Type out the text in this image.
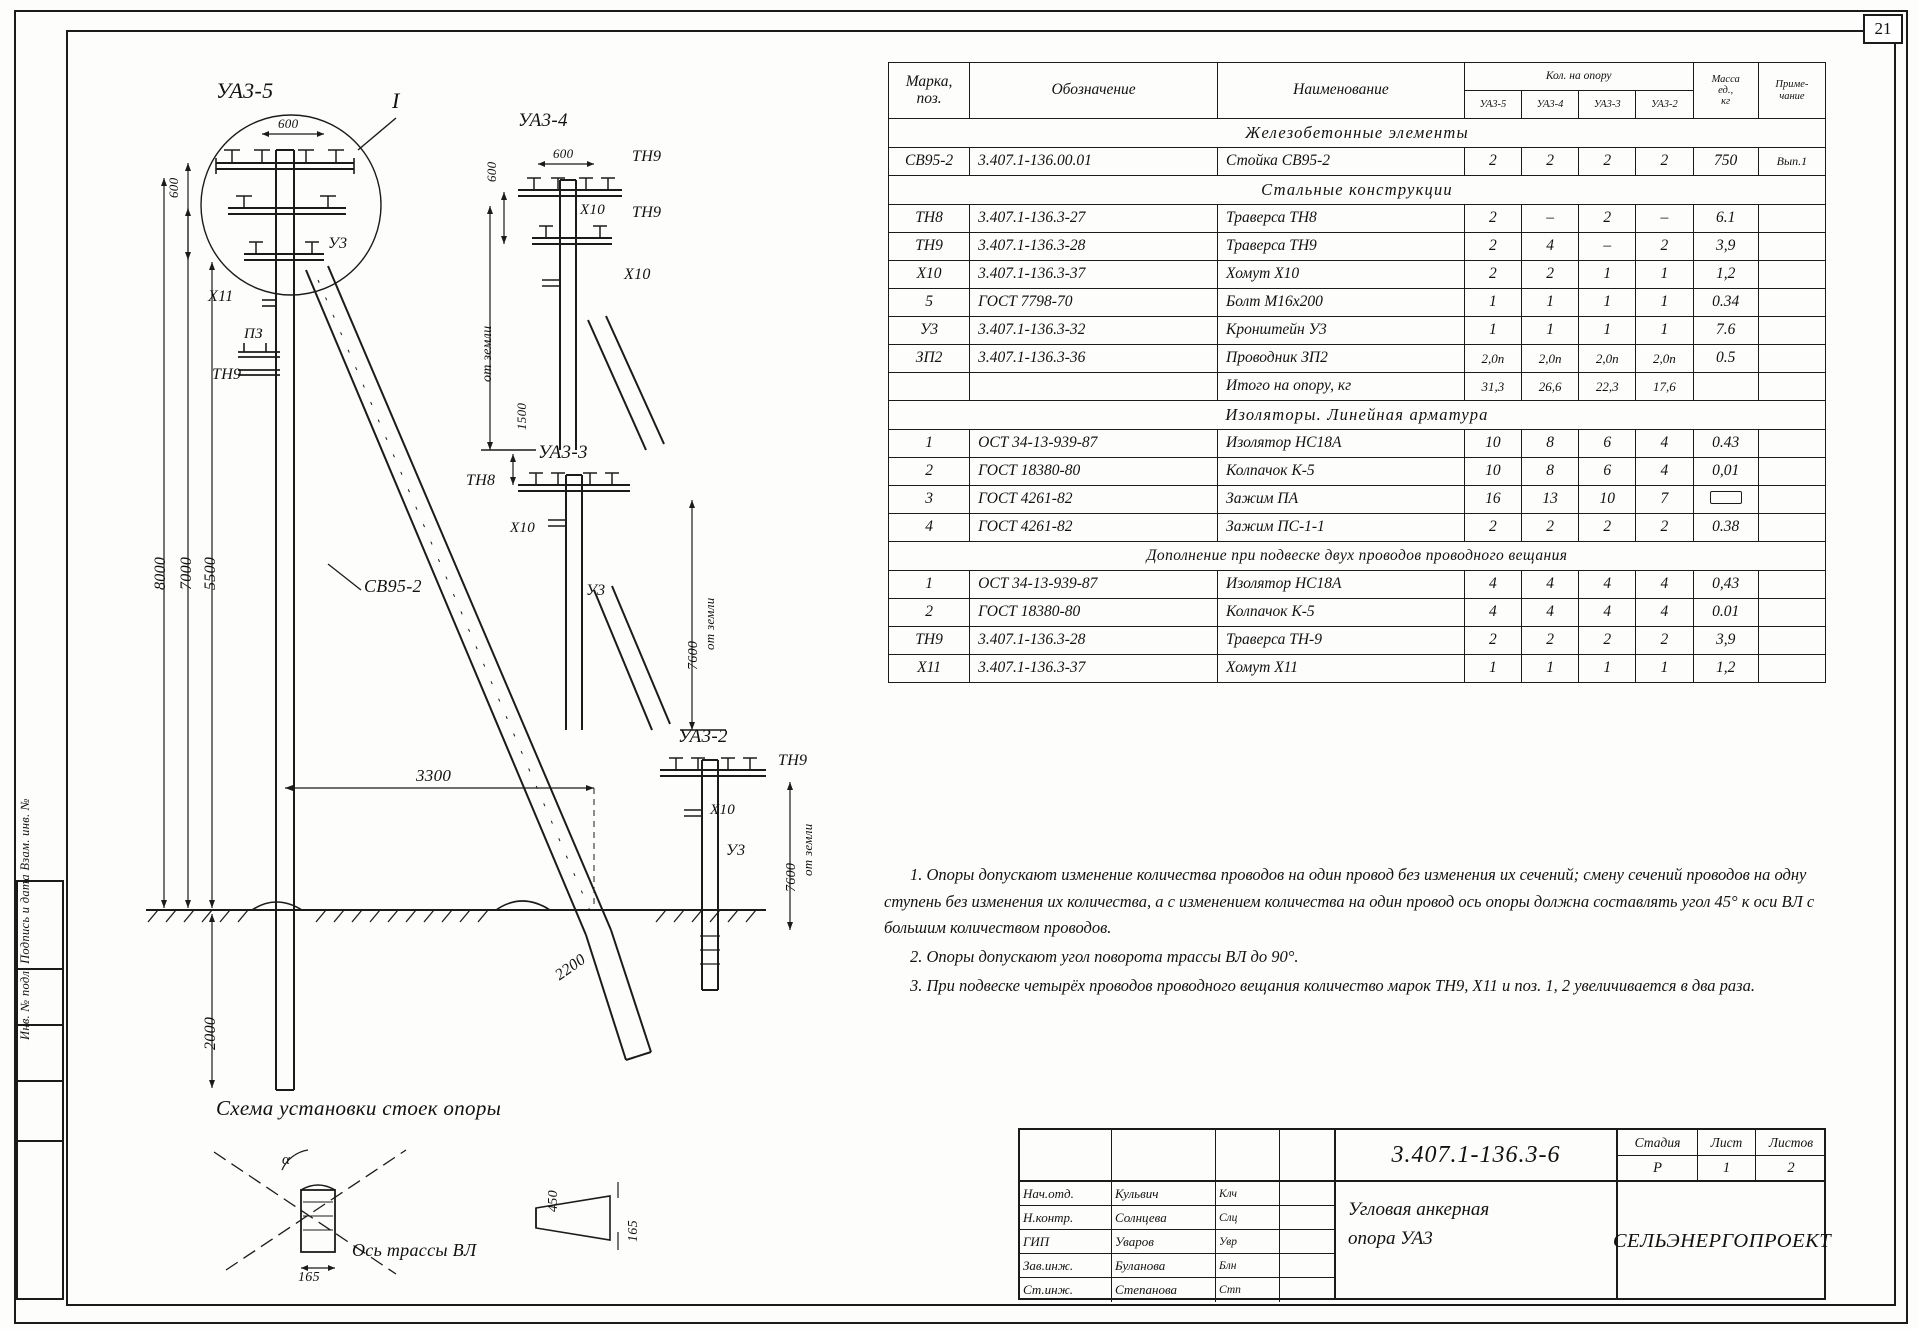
21
Инв. № подл. Подпись и дата Взам. инв. №
УА3-5	I
УА3-4
УА3-3
УА3-2
600
600
600
600
1500
8000 7000 5500
2000
3300
2200
от земли
7600
от земли
7600
от земли
У3
Х11
ПЗ
ТН9
СВ95-2
ТН9
ТН9
Х10
Х10
ТН8
Х10
У3
ТН9
Х10
У3
Схема установки стоек опоры
α
Ось трассы ВЛ
165
450
165
Марка,
поз.	Обозначение	Наименование	Кол. на опору	Масса
ед.,
кг

Приме-
чание

			УА3-5	УА3-4	УА3-3	УА3-2		
Железобетонные элементы								
СВ95-2	3.407.1-136.00.01	Стойка СВ95-2	2	2	2	2	750	Вып.1
Стальные конструкции								
ТН8	3.407.1-136.3-27	Траверса ТН8	2	–	2	–	6.1	
ТН9	3.407.1-136.3-28	Траверса ТН9	2	4	–	2	3,9	
Х10	3.407.1-136.3-37	Хомут Х10	2	2	1	1	1,2	
5	ГОСТ 7798-70	Болт М16х200	1	1	1	1	0.34	
У3	3.407.1-136.3-32	Кронштейн У3	1	1	1	1	7.6	
ЗП2	3.407.1-136.3-36	Проводник ЗП2	2,0п	2,0п	2,0п	2,0п	0.5	
		Итого на опору, кг	31,3	26,6	22,3	17,6		
Изоляторы. Линейная арматура								
1	ОСТ 34-13-939-87	Изолятор НС18А	10	8	6	4	0.43	
2	ГОСТ 18380-80	Колпачок К-5	10	8	6	4	0,01	
3	ГОСТ 4261-82	Зажим ПА	16	13	10	7		
4	ГОСТ 4261-82	Зажим ПС-1-1	2	2	2	2	0.38	
Дополнение при подвеске двух проводов проводного вещания								
1	ОСТ 34-13-939-87	Изолятор НС18А	4	4	4	4	0,43	
2	ГОСТ 18380-80	Колпачок К-5	4	4	4	4	0.01	
ТН9	3.407.1-136.3-28	Траверса ТН-9	2	2	2	2	3,9	
Х11	3.407.1-136.3-37	Хомут Х11	1	1	1	1	1,2	

1. Опоры допускают изменение количества проводов на один провод без изменения их сечений; смену сечений проводов на одну ступень без изменения их количества, а с изменением количества на один провод ось опоры должна составлять угол 45° к оси ВЛ с большим количеством проводов.

2. Опоры допускают угол поворота трассы ВЛ до 90°.

3. При подвеске четырёх проводов проводного вещания количество марок ТН9, Х11 и поз. 1, 2 увеличивается в два раза.

Нач.отд.	Кульвич	Клч
Н.контр.	Солнцева	Слц
ГИП	Уваров	Увр
Зав.инж.	Буланова	Блн
Ст.инж.	Степанова	Стп
3.407.1-136.3-6
Угловая анкерная
опора УА3
Стадия	Лист	Листов
Р	1	2
СЕЛЬЭНЕРГОПРОЕКТ
